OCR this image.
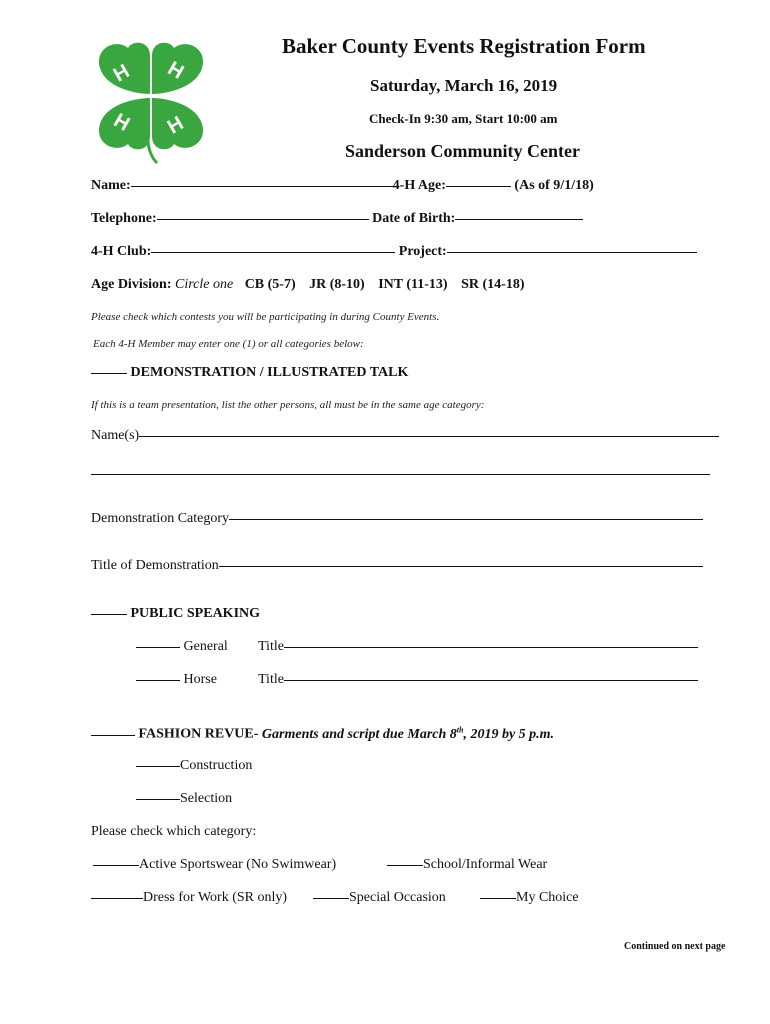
H H
H H
Baker County Events Registration Form
Saturday, March 16, 2019
Check-In 9:30 am, Start 10:00 am
Sanderson Community Center
Name:	4-H Age:	(As of 9/1/18)
Telephone:	Date of Birth:
4-H Club:	Project:
Age Division: Circle one CB (5-7) JR (8-10) INT (11-13) SR (14-18)
Please check which contests you will be participating in during County Events.
Each 4-H Member may enter one (1) or all categories below:
DEMONSTRATION / ILLUSTRATED TALK
If this is a team presentation, list the other persons, all must be in the same age category:
Name(s)
Demonstration Category
Title of Demonstration
PUBLIC SPEAKING
General Title
Horse	Title
FASHION REVUE- Garments and script due March 8th, 2019 by 5 p.m.
Construction
Selection
Please check which category:
Active Sportswear (No Swimwear)	School/Informal Wear
Dress for Work (SR only)	Special Occasion	My Choice
Continued on next page
